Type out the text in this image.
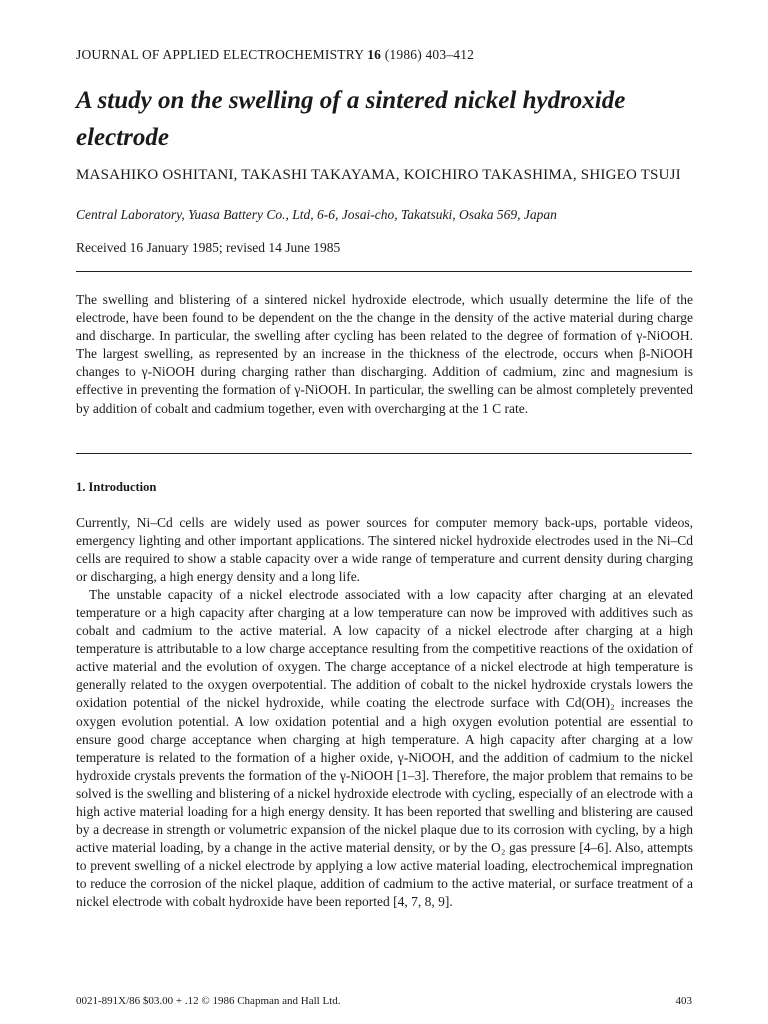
JOURNAL OF APPLIED ELECTROCHEMISTRY 16 (1986) 403–412
A study on the swelling of a sintered nickel hydroxide electrode
MASAHIKO OSHITANI, TAKASHI TAKAYAMA, KOICHIRO TAKASHIMA, SHIGEO TSUJI
Central Laboratory, Yuasa Battery Co., Ltd, 6-6, Josai-cho, Takatsuki, Osaka 569, Japan
Received 16 January 1985; revised 14 June 1985
The swelling and blistering of a sintered nickel hydroxide electrode, which usually determine the life of the electrode, have been found to be dependent on the the change in the density of the active material during charge and discharge. In particular, the swelling after cycling has been related to the degree of formation of γ-NiOOH. The largest swelling, as represented by an increase in the thickness of the electrode, occurs when β-NiOOH changes to γ-NiOOH during charging rather than discharging. Addition of cadmium, zinc and magnesium is effective in preventing the formation of γ-NiOOH. In particular, the swelling can be almost completely prevented by addition of cobalt and cadmium together, even with overcharging at the 1 C rate.
1. Introduction

Currently, Ni–Cd cells are widely used as power sources for computer memory back-ups, portable videos, emergency lighting and other important applications. The sintered nickel hydroxide electrodes used in the Ni–Cd cells are required to show a stable capacity over a wide range of temperature and current density during charging or discharging, a high energy density and a long life.

The unstable capacity of a nickel electrode associated with a low capacity after charging at an elevated temperature or a high capacity after charging at a low temperature can now be improved with additives such as cobalt and cadmium to the active material. A low capacity of a nickel electrode after charging at a high temperature is attributable to a low charge acceptance resulting from the competitive reactions of the oxidation of active material and the evolution of oxygen. The charge acceptance of a nickel electrode at high temperature is generally related to the oxygen overpotential. The addition of cobalt to the nickel hydroxide crystals lowers the oxidation potential of the nickel hydroxide, while coating the electrode surface with Cd(OH)₂ increases the oxygen evolution potential. A low oxidation potential and a high oxygen evolution potential are essential to ensure good charge acceptance when charging at high temperature. A high capacity after charging at a low temperature is related to the formation of a higher oxide, γ-NiOOH, and the addition of cadmium to the nickel hydroxide crystals prevents the formation of the γ-NiOOH [1–3]. Therefore, the major problem that remains to be solved is the swelling and blistering of a nickel hydroxide electrode with cycling, especially of an electrode with a high active material loading for a high energy density. It has been reported that swelling and blistering are caused by a decrease in strength or volumetric expansion of the nickel plaque due to its corrosion with cycling, by a high active material loading, by a change in the active material density, or by the O₂ gas pressure [4–6]. Also, attempts to prevent swelling of a nickel electrode by applying a low active material loading, electrochemical impregnation to reduce the corrosion of the nickel plaque, addition of cadmium to the active material, or surface treatment of a nickel electrode with cobalt hydroxide have been reported [4, 7, 8, 9].

0021-891X/86 $03.00 + .12 © 1986 Chapman and Hall Ltd.	403
